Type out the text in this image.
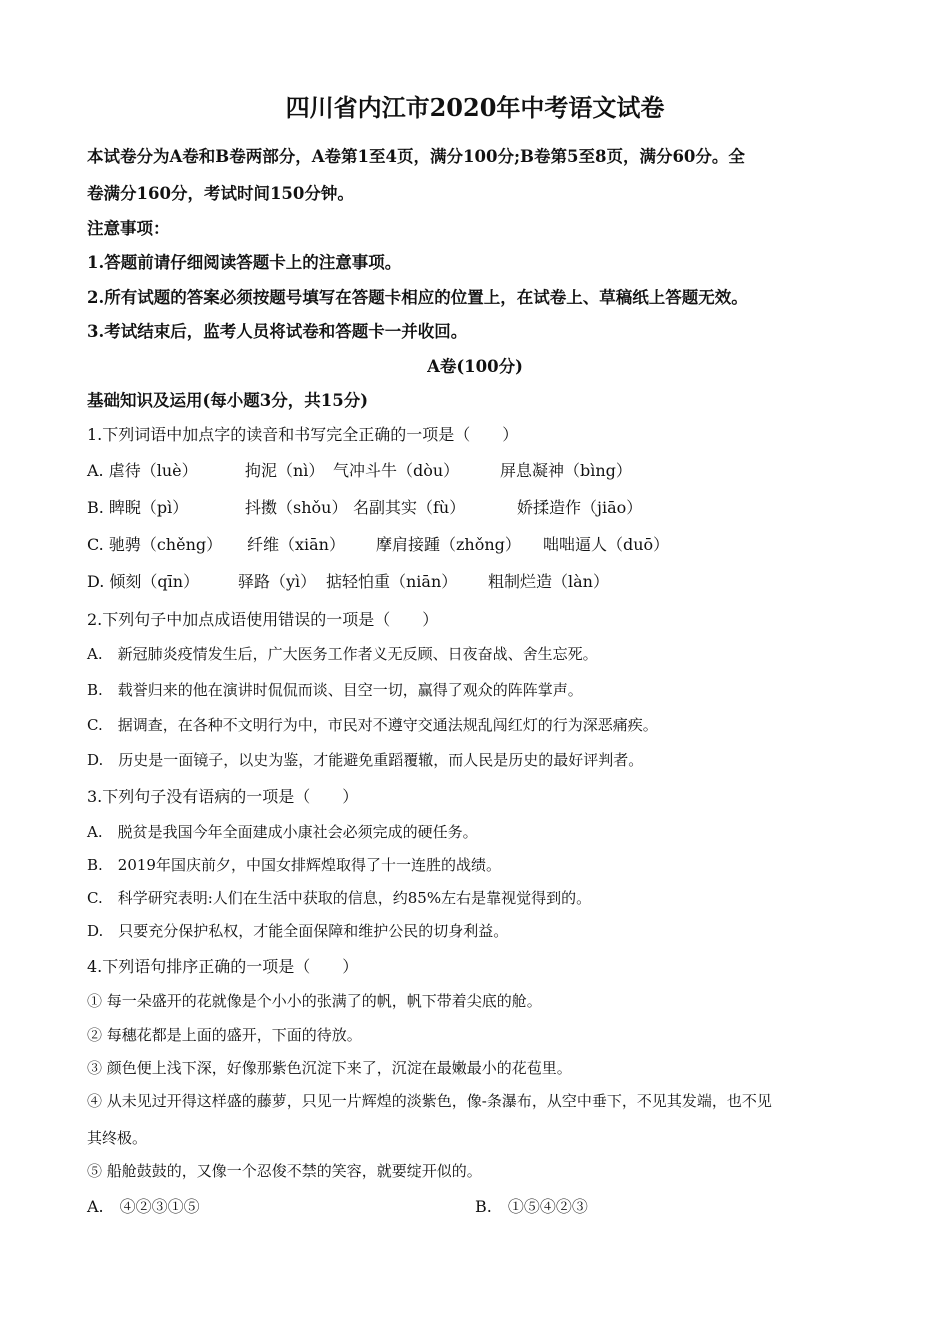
四川省内江市2020年中考语文试卷
本试卷分为A卷和B卷两部分，A卷第1至4页，满分100分;B卷第5至8页，满分60分。全
卷满分160分，考试时间150分钟。
注意事项：
1.答题前请仔细阅读答题卡上的注意事项。
2.所有试题的答案必须按题号填写在答题卡相应的位置上，在试卷上、草稿纸上答题无效。
3.考试结束后，监考人员将试卷和答题卡一并收回。
A卷(100分)
基础知识及运用(每小题3分，共15分)
1.下列词语中加点字的读音和书写完全正确的一项是（　　）
A. 虐待（luè）	拘泥（nì） 气冲斗牛（dòu）	屏息凝神（bìng）
B. 睥睨（pì）	抖擞（shǒu） 名副其实（fù）	娇揉造作（jiāo）
C. 驰骋（chěng） 纤维（xiān） 摩肩接踵（zhǒng） 咄咄逼人（duō）
D. 倾刻（qīn） 驿路（yì） 掂轻怕重（niān） 粗制烂造（làn）
2.下列句子中加点成语使用错误的一项是（　　）
A.　新冠肺炎疫情发生后，广大医务工作者义无反顾、日夜奋战、舍生忘死。
B.　载誉归来的他在演讲时侃侃而谈、目空一切，赢得了观众的阵阵掌声。
C.　据调查，在各种不文明行为中，市民对不遵守交通法规乱闯红灯的行为深恶痛疾。
D.　历史是一面镜子，以史为鉴，才能避免重蹈覆辙，而人民是历史的最好评判者。
3.下列句子没有语病的一项是（　　）
A.　脱贫是我国今年全面建成小康社会必须完成的硬任务。
B.　2019年国庆前夕，中国女排辉煌取得了十一连胜的战绩。
C.　科学研究表明:人们在生活中获取的信息，约85%左右是靠视觉得到的。
D.　只要充分保护私权，才能全面保障和维护公民的切身利益。
4.下列语句排序正确的一项是（　　）
① 每一朵盛开的花就像是个小小的张满了的帆，帆下带着尖底的舱。
② 每穗花都是上面的盛开，下面的待放。
③ 颜色便上浅下深，好像那紫色沉淀下来了，沉淀在最嫩最小的花苞里。
④ 从未见过开得这样盛的藤萝，只见一片辉煌的淡紫色，像-条瀑布，从空中垂下，不见其发端，也不见
其终极。
⑤ 船舱鼓鼓的，又像一个忍俊不禁的笑容，就要绽开似的。
A.　④②③①⑤	B.　①⑤④②③
